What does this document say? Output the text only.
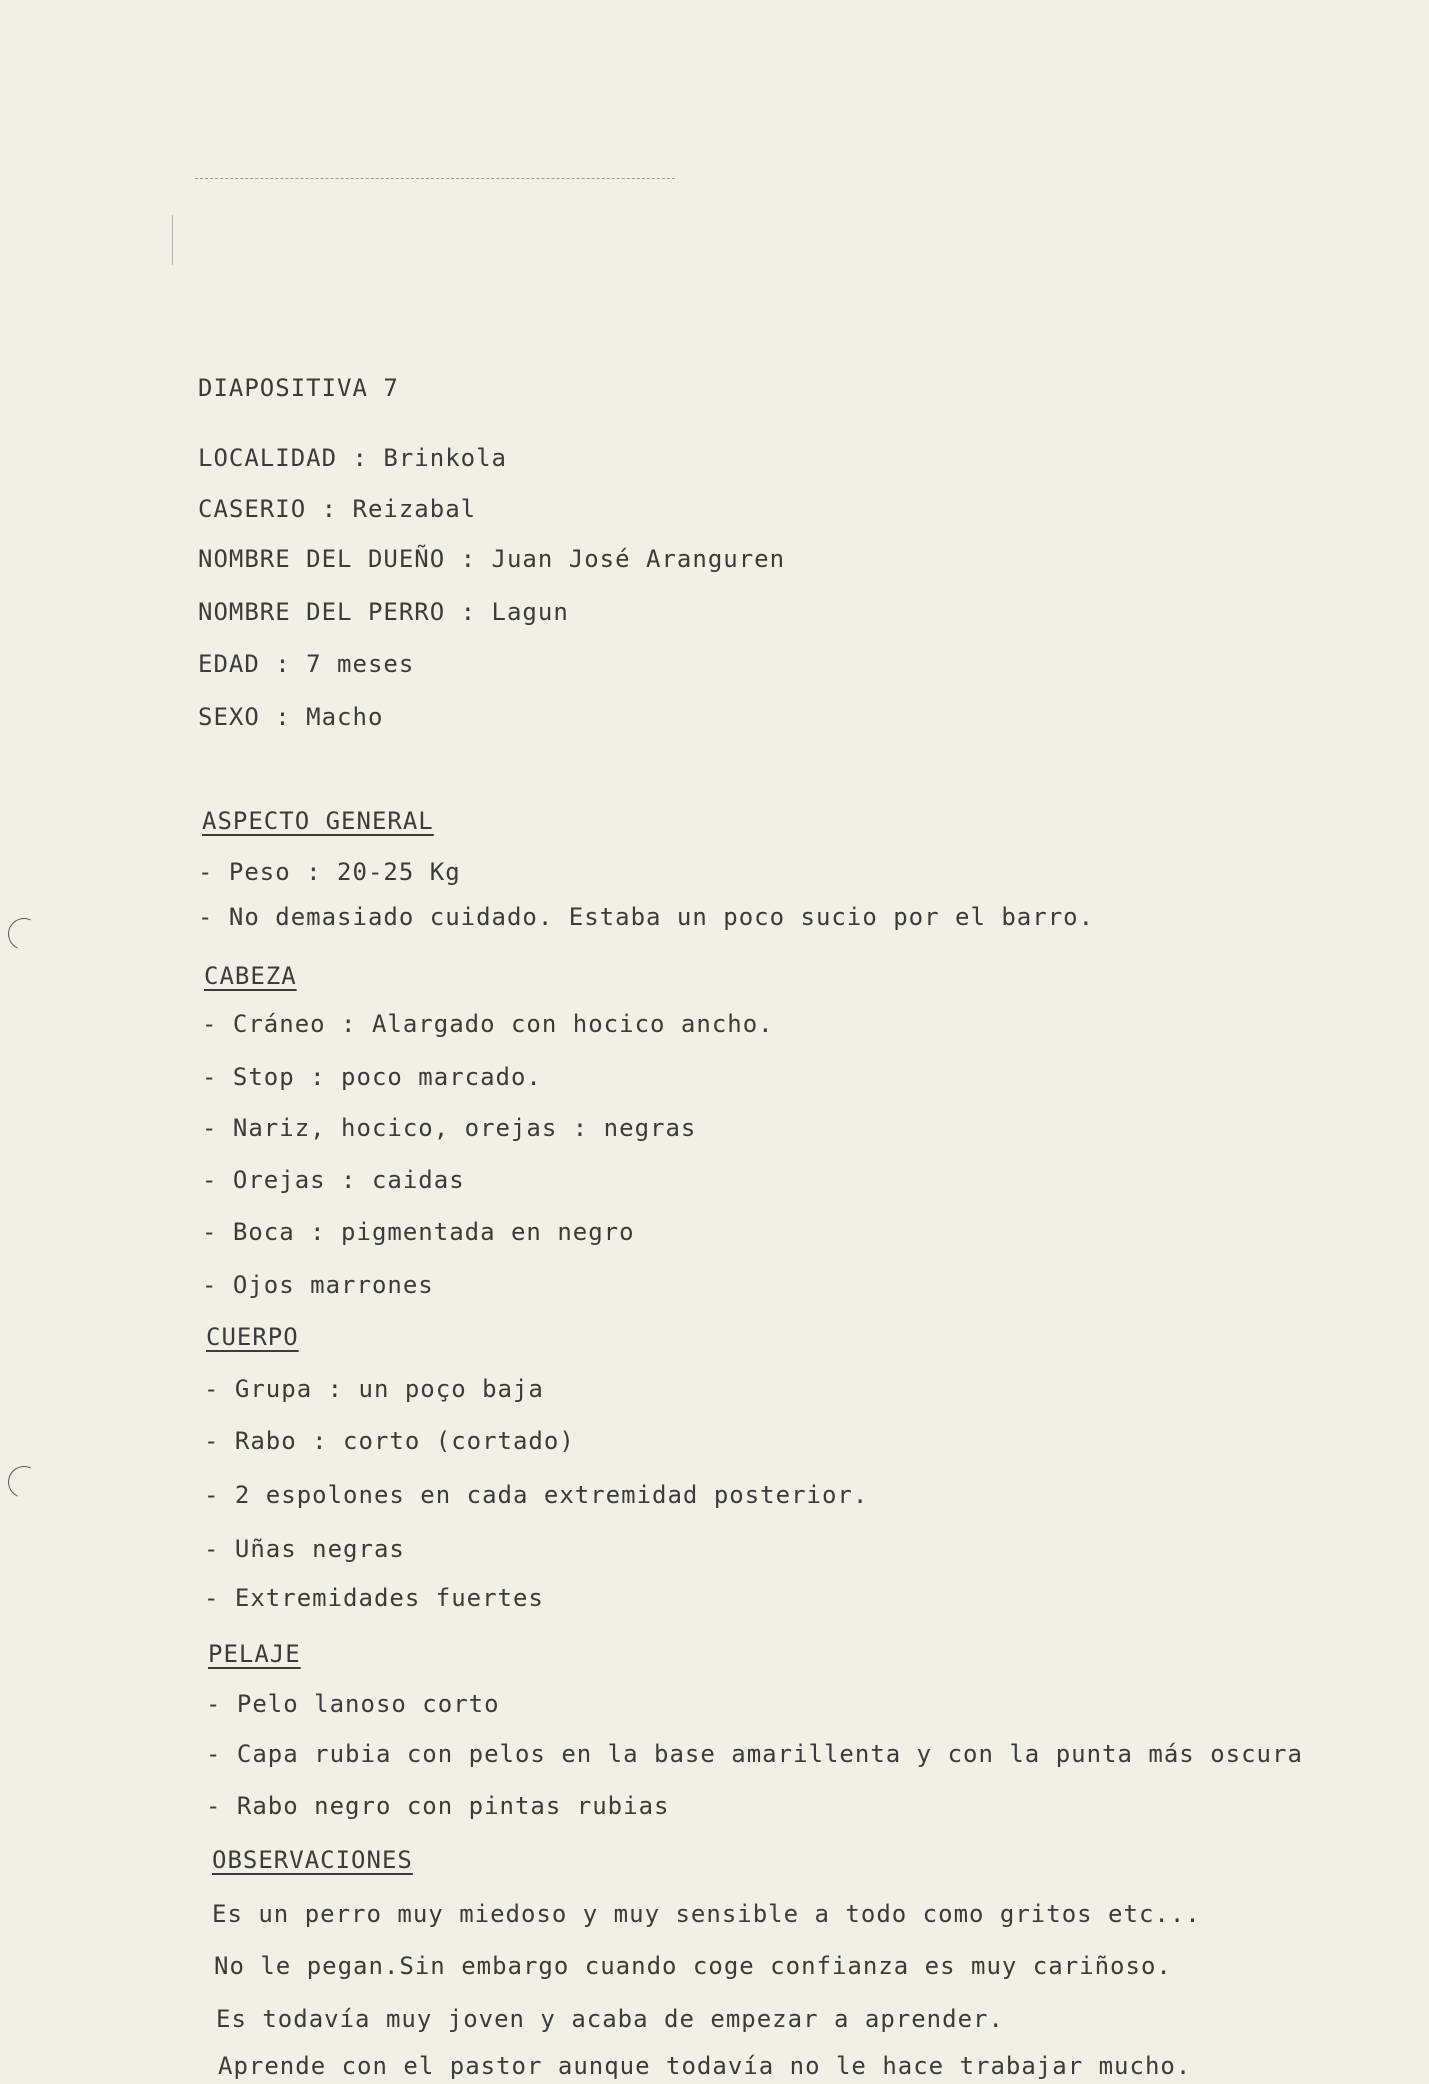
DIAPOSITIVA 7
LOCALIDAD : Brinkola
CASERIO : Reizabal
NOMBRE DEL DUEÑO : Juan José Aranguren
NOMBRE DEL PERRO : Lagun
EDAD : 7 meses
SEXO : Macho
ASPECTO GENERAL
- Peso : 20-25 Kg
- No demasiado cuidado. Estaba un poco sucio por el barro.
CABEZA
- Cráneo : Alargado con hocico ancho.
- Stop : poco marcado.
- Nariz, hocico, orejas : negras
- Orejas : caidas
- Boca : pigmentada en negro
- Ojos marrones
CUERPO
- Grupa : un poço baja
- Rabo : corto (cortado)
- 2 espolones en cada extremidad posterior.
- Uñas negras
- Extremidades fuertes
PELAJE
- Pelo lanoso corto
- Capa rubia con pelos en la base amarillenta y con la punta más oscura
- Rabo negro con pintas rubias
OBSERVACIONES
Es un perro muy miedoso y muy sensible a todo como gritos etc...
No le pegan.Sin embargo cuando coge confianza es muy cariñoso.
Es todavía muy joven y acaba de empezar a aprender.
Aprende con el pastor aunque todavía no le hace trabajar mucho.
